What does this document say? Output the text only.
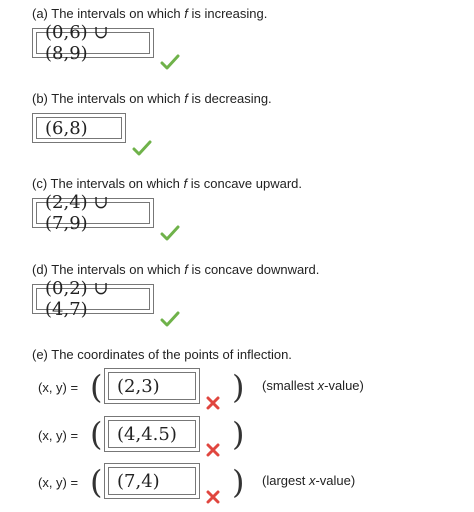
(a) The intervals on which f is increasing.
(0,6) ∪ (8,9)
(b) The intervals on which f is decreasing.
(6,8)
(c) The intervals on which f is concave upward.
(2,4) ∪ (7,9)
(d) The intervals on which f is concave downward.
(0,2) ∪ (4,7)
(e) The coordinates of the points of inflection.
(x, y) = ( (2,3)	) (smallest x-value)
(x, y) = ( (4,4.5)	)
(x, y) = ( (7,4)	) (largest x-value)
